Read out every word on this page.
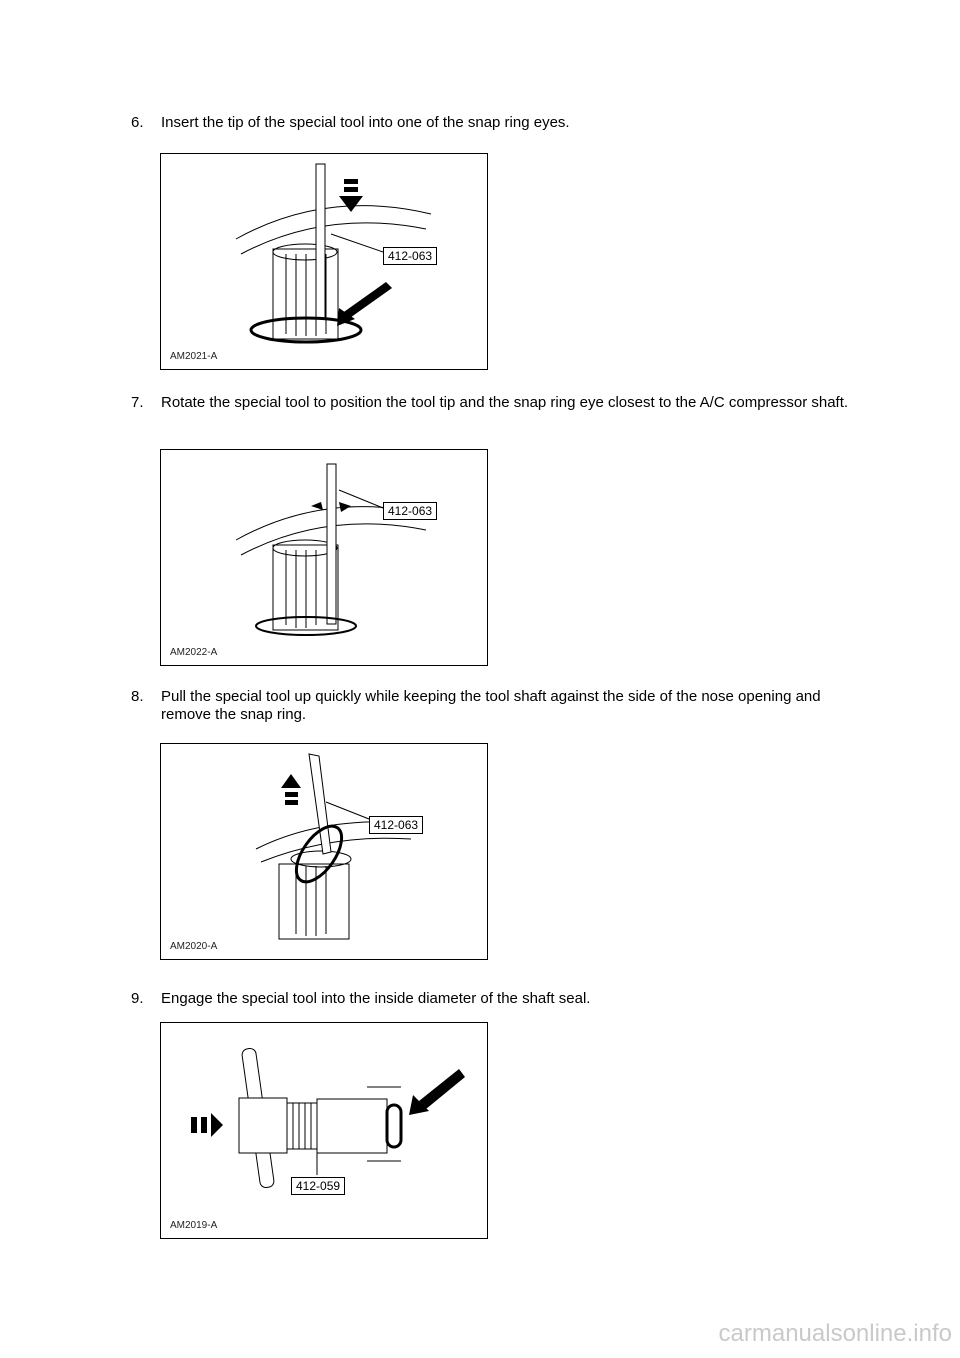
6. Insert the tip of the special tool into one of the snap ring eyes.
412-063
AM2021-A
7. Rotate the special tool to position the tool tip and the snap ring eye closest to the A/C compressor shaft.
412-063
AM2022-A
8. Pull the special tool up quickly while keeping the tool shaft against the side of the nose opening and remove the snap ring.
412-063
AM2020-A
9. Engage the special tool into the inside diameter of the shaft seal.
412-059
AM2019-A
carmanualsonline.info
